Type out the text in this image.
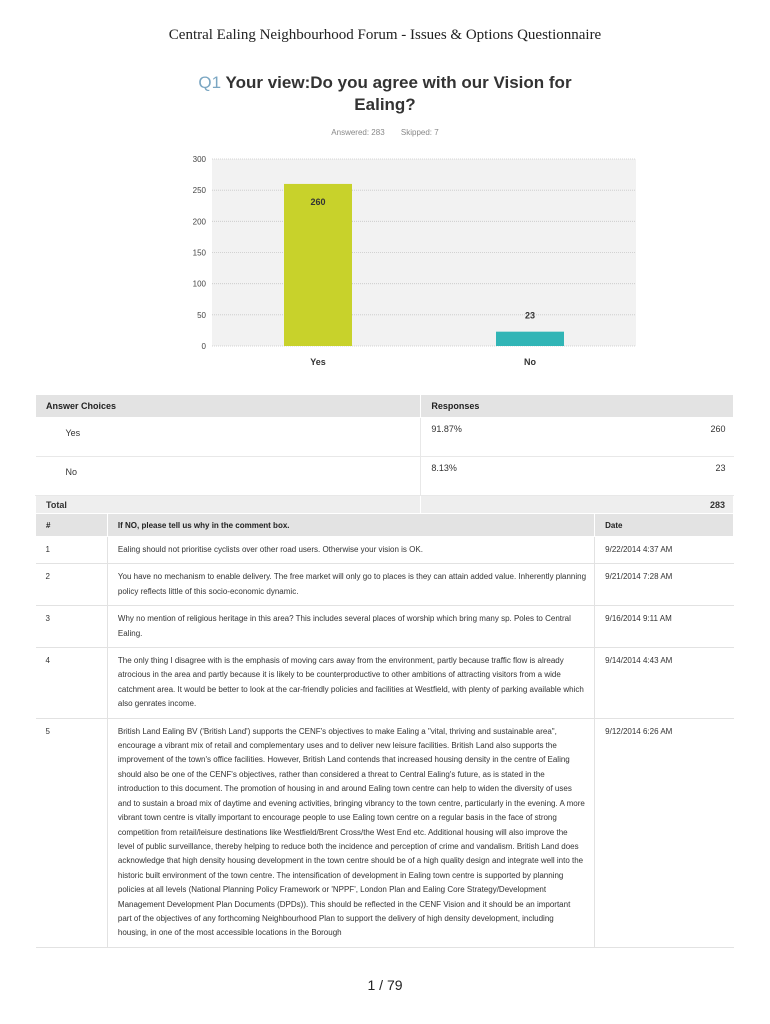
Central Ealing Neighbourhood Forum - Issues & Options Questionnaire
Q1 Your view:Do you agree with our Vision for Ealing?
Answered: 283 Skipped: 7
0
50
100
150
200
250
300
260
Yes
23
No
Answer Choices	Responses	
Yes	91.87%	260
No	8.13%	23
Total	283	
#	If NO, please tell us why in the comment box.	Date
1	Ealing should not prioritise cyclists over other road users. Otherwise your vision is OK.	9/22/2014 4:37 AM
2	You have no mechanism to enable delivery. The free market will only go to places is they can attain added value. Inherently planning policy reflects little of this socio-economic dynamic.	9/21/2014 7:28 AM
3	Why no mention of religious heritage in this area? This includes several places of worship which bring many sp. Poles to Central Ealing.	9/16/2014 9:11 AM
4	The only thing I disagree with is the emphasis of moving cars away from the environment, partly because traffic flow is already atrocious in the area and partly because it is likely to be counterproductive to other ambitions of attracting visitors from a wide catchment area. It would be better to look at the car-friendly policies and facilities at Westfield, with plenty of parking available which also genrates income.	9/14/2014 4:43 AM
5	British Land Ealing BV ('British Land') supports the CENF's objectives to make Ealing a "vital, thriving and sustainable area", encourage a vibrant mix of retail and complementary uses and to deliver new leisure facilities. British Land also supports the improvement of the town's office facilities. However, British Land contends that increased housing density in the centre of Ealing should also be one of the CENF's objectives, rather than considered a threat to Central Ealing's future, as is stated in the introduction to this document. The promotion of housing in and around Ealing town centre can help to widen the diversity of uses and to sustain a broad mix of daytime and evening activities, bringing vibrancy to the town centre, particularly in the evening. A more vibrant town centre is vitally important to encourage people to use Ealing town centre on a regular basis in the face of strong competition from retail/leisure destinations like Westfield/Brent Cross/the West End etc. Additional housing will also improve the level of public surveillance, thereby helping to reduce both the incidence and perception of crime and vandalism. British Land does acknowledge that high density housing development in the town centre should be of a high quality design and integrate well into the historic built environment of the town centre. The intensification of development in Ealing town centre is supported by planning policies at all levels (National Planning Policy Framework or 'NPPF', London Plan and Ealing Core Strategy/Development Management Development Plan Documents (DPDs)). This should be reflected in the CENF Vision and it should be an important part of the objectives of any forthcoming Neighbourhood Plan to support the delivery of high density development, including housing, in one of the most accessible locations in the Borough	9/12/2014 6:26 AM
1 / 79
